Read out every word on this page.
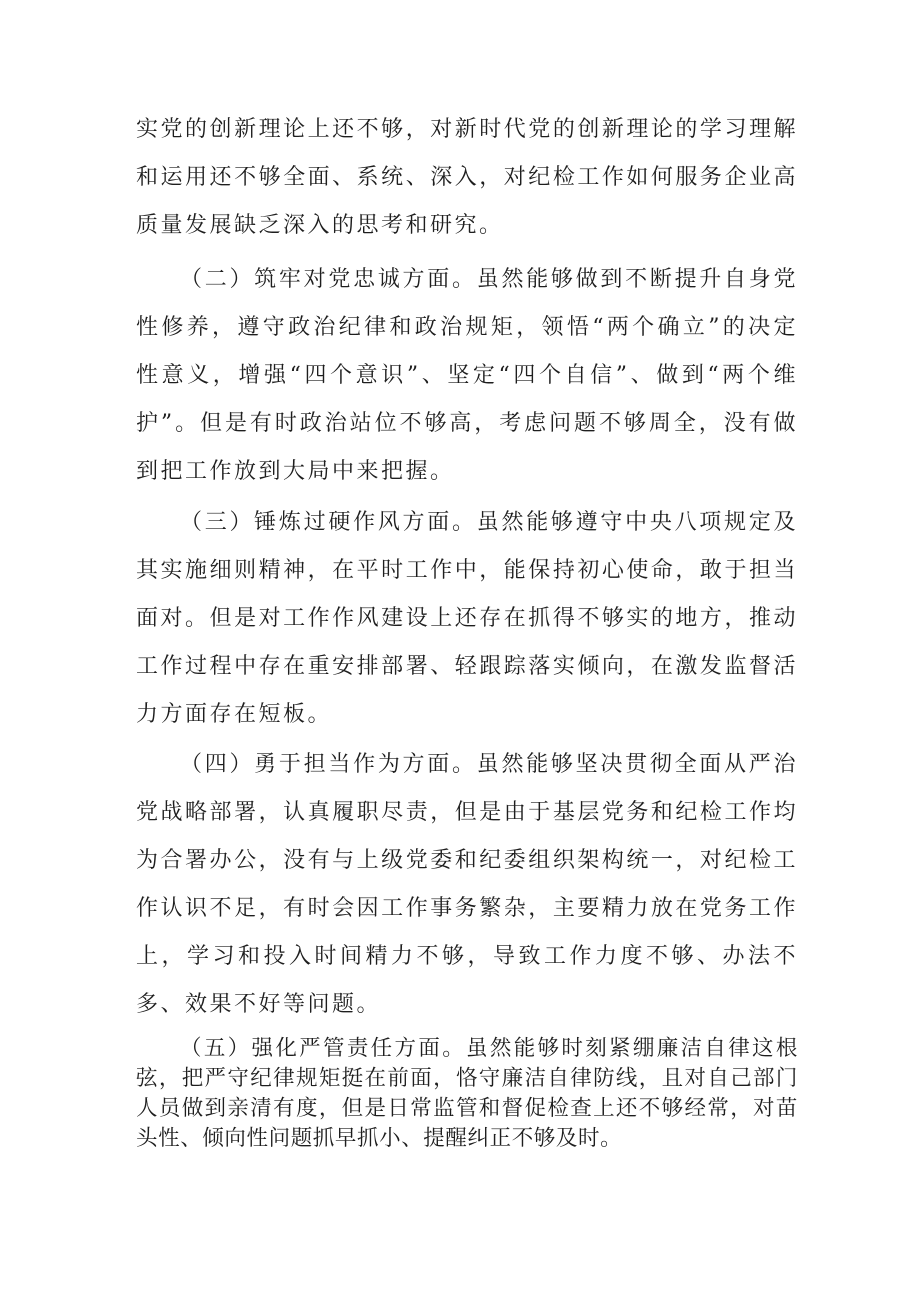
实党的创新理论上还不够，对新时代党的创新理论的学习理解和运用还不够全面、系统、深入，对纪检工作如何服务企业高质量发展缺乏深入的思考和研究。

（二）筑牢对党忠诚方面。虽然能够做到不断提升自身党性修养，遵守政治纪律和政治规矩，领悟“两个确立”的决定性意义，增强“四个意识”、坚定“四个自信”、做到“两个维护”。但是有时政治站位不够高，考虑问题不够周全，没有做到把工作放到大局中来把握。

（三）锤炼过硬作风方面。虽然能够遵守中央八项规定及其实施细则精神，在平时工作中，能保持初心使命，敢于担当面对。但是对工作作风建设上还存在抓得不够实的地方，推动工作过程中存在重安排部署、轻跟踪落实倾向，在激发监督活力方面存在短板。

（四）勇于担当作为方面。虽然能够坚决贯彻全面从严治党战略部署，认真履职尽责，但是由于基层党务和纪检工作均为合署办公，没有与上级党委和纪委组织架构统一，对纪检工作认识不足，有时会因工作事务繁杂，主要精力放在党务工作上，学习和投入时间精力不够，导致工作力度不够、办法不多、效果不好等问题。

（五）强化严管责任方面。虽然能够时刻紧绷廉洁自律这根弦，把严守纪律规矩挺在前面，恪守廉洁自律防线，且对自己部门人员做到亲清有度，但是日常监管和督促检查上还不够经常，对苗头性、倾向性问题抓早抓小、提醒纠正不够及时。
